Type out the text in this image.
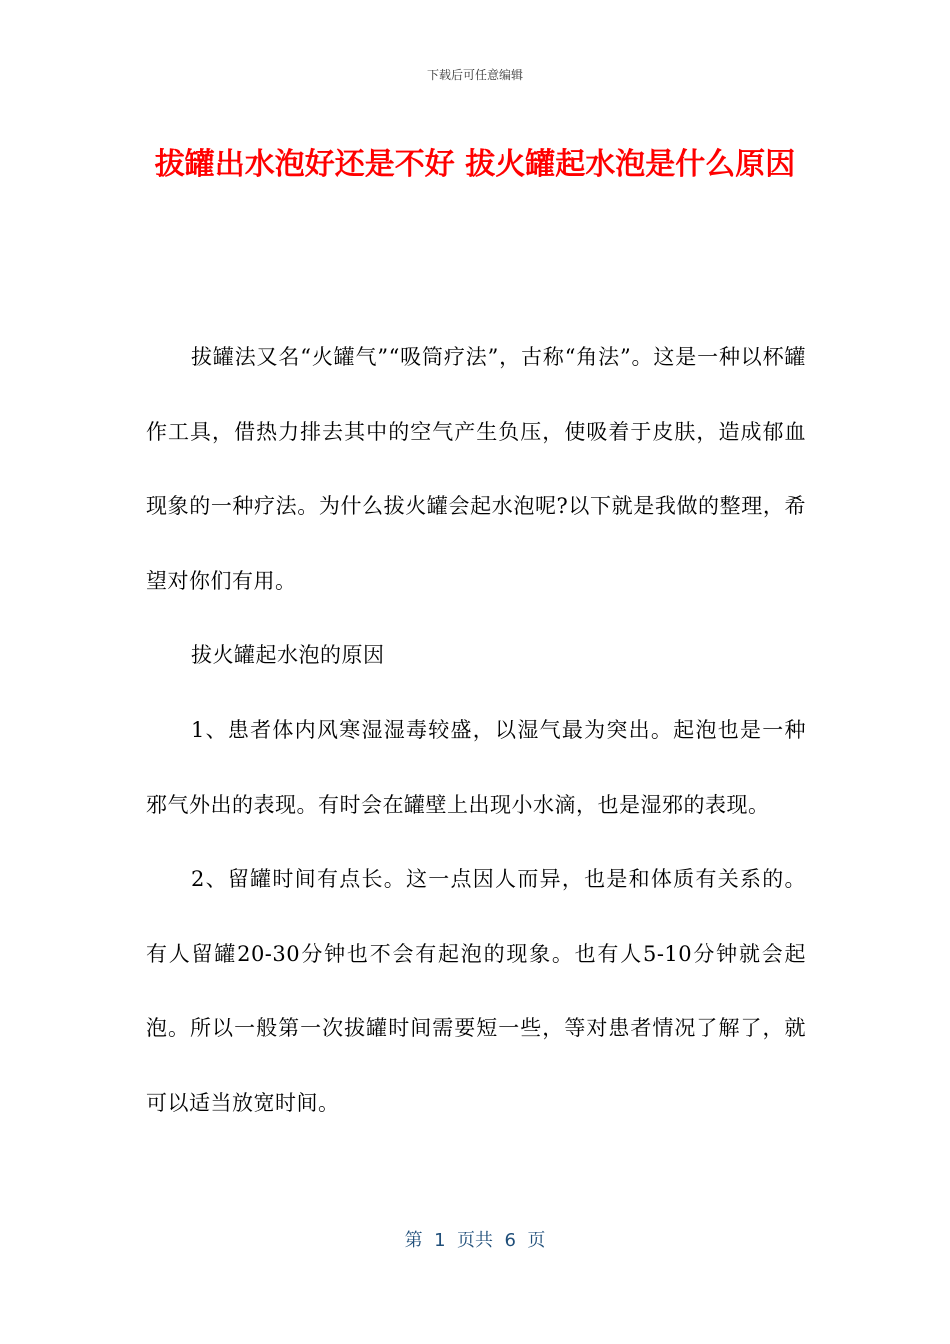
下载后可任意编辑
拔罐出水泡好还是不好 拔火罐起水泡是什么原因

拔罐法又名“火罐气”“吸筒疗法”，古称“角法”。这是一种以杯罐作工具，借热力排去其中的空气产生负压，使吸着于皮肤，造成郁血现象的一种疗法。为什么拔火罐会起水泡呢?以下就是我做的整理，希望对你们有用。

拔火罐起水泡的原因

1、患者体内风寒湿湿毒较盛，以湿气最为突出。起泡也是一种邪气外出的表现。有时会在罐壁上出现小水滴，也是湿邪的表现。

2、留罐时间有点长。这一点因人而异，也是和体质有关系的。有人留罐20-30分钟也不会有起泡的现象。也有人5-10分钟就会起泡。所以一般第一次拔罐时间需要短一些，等对患者情况了解了，就可以适当放宽时间。

第  1  页共  6  页
